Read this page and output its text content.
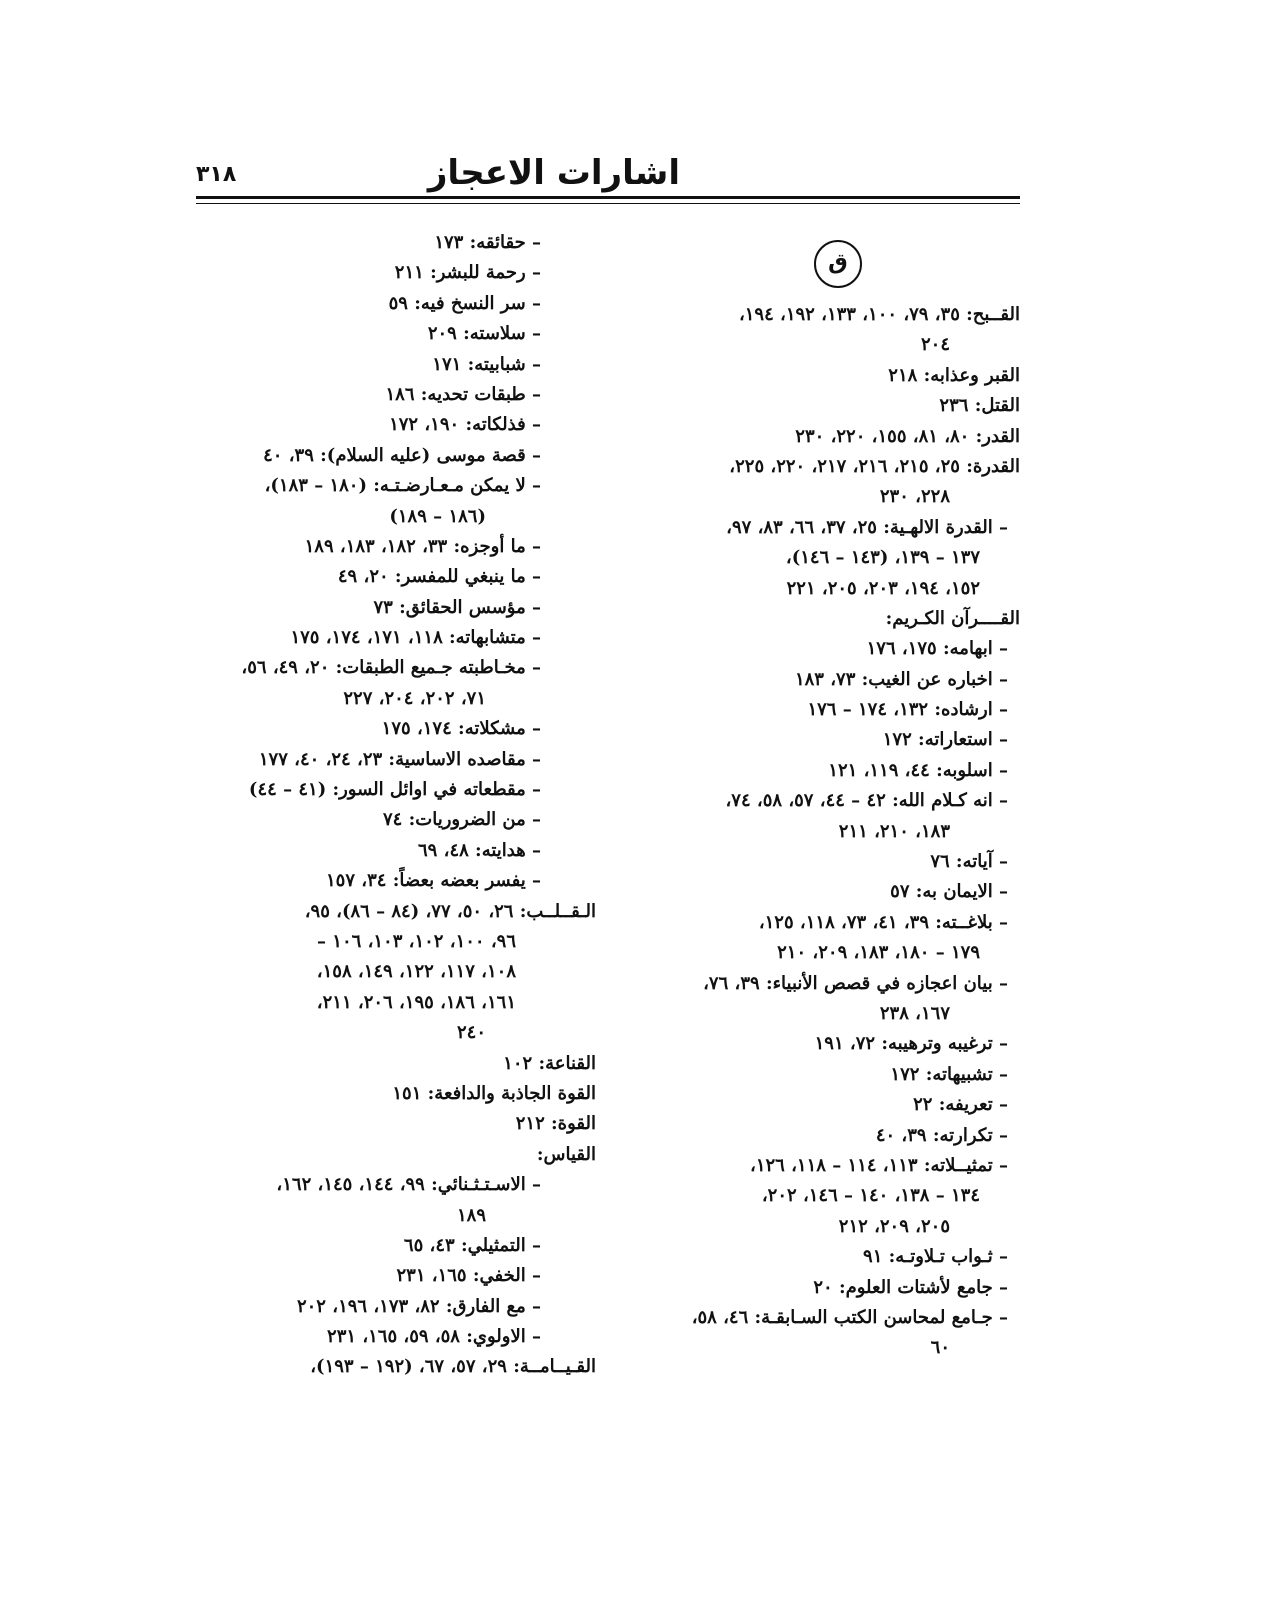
اشارات الاعجاز
٣١٨
ق
القــبح: ٣٥، ٧٩، ١٠٠، ١٣٣، ١٩٢، ١٩٤،
٢٠٤
القبر وعذابه: ٢١٨
القتل: ٢٣٦
القدر: ٨٠، ٨١، ١٥٥، ٢٢٠، ٢٣٠
القدرة: ٢٥، ٢١٥، ٢١٦، ٢١٧، ٢٢٠، ٢٢٥،
٢٢٨، ٢٣٠
– القدرة الالهـية: ٢٥، ٣٧، ٦٦، ٨٣، ٩٧،
١٣٧ – ١٣٩، (١٤٣ – ١٤٦)،
١٥٢، ١٩٤، ٢٠٣، ٢٠٥، ٢٢١
القــــرآن الكـريم:
– ابهامه: ١٧٥، ١٧٦
– اخباره عن الغيب: ٧٣، ١٨٣
– ارشاده: ١٣٢، ١٧٤ – ١٧٦
– استعاراته: ١٧٢
– اسلوبه: ٤٤، ١١٩، ١٢١
– انه كـلام الله: ٤٢ – ٤٤، ٥٧، ٥٨، ٧٤،
١٨٣، ٢١٠، ٢١١
– آياته: ٧٦
– الايمان به: ٥٧
– بلاغــته: ٣٩، ٤١، ٧٣، ١١٨، ١٢٥،
١٧٩ – ١٨٠، ١٨٣، ٢٠٩، ٢١٠
– بيان اعجازه في قصص الأنبياء: ٣٩، ٧٦،
١٦٧، ٢٣٨
– ترغيبه وترهيبه: ٧٢، ١٩١
– تشبيهاته: ١٧٢
– تعريفه: ٢٢
– تكرارته: ٣٩، ٤٠
– تمثيــلاته: ١١٣، ١١٤ – ١١٨، ١٢٦،
١٣٤ – ١٣٨، ١٤٠ – ١٤٦، ٢٠٢،
٢٠٥، ٢٠٩، ٢١٢
– ثـواب تـلاوتـه: ٩١
– جامع لأشتات العلوم: ٢٠
– جـامع لمحاسن الكتب السـابقـة: ٤٦، ٥٨،
٦٠
– حقائقه: ١٧٣
– رحمة للبشر: ٢١١
– سر النسخ فيه: ٥٩
– سلاسته: ٢٠٩
– شبابيته: ١٧١
– طبقات تحديه: ١٨٦
– فذلكاته: ١٩٠، ١٧٢
– قصة موسى (عليه السلام): ٣٩، ٤٠
– لا يمكن مـعـارضـتـه: (١٨٠ – ١٨٣)،
(١٨٦ – ١٨٩)
– ما أوجزه: ٣٣، ١٨٢، ١٨٣، ١٨٩
– ما ينبغي للمفسر: ٢٠، ٤٩
– مؤسس الحقائق: ٧٣
– متشابهاته: ١١٨، ١٧١، ١٧٤، ١٧٥
– مخـاطبته جـميع الطبقات: ٢٠، ٤٩، ٥٦،
٧١، ٢٠٢، ٢٠٤، ٢٢٧
– مشكلاته: ١٧٤، ١٧٥
– مقاصده الاساسية: ٢٣، ٢٤، ٤٠، ١٧٧
– مقطعاته في اوائل السور: (٤١ – ٤٤)
– من الضروريات: ٧٤
– هدايته: ٤٨، ٦٩
– يفسر بعضه بعضاً: ٣٤، ١٥٧
الـقــلــب: ٢٦، ٥٠، ٧٧، (٨٤ – ٨٦)، ٩٥،
٩٦، ١٠٠، ١٠٢، ١٠٣، ١٠٦ –
١٠٨، ١١٧، ١٢٢، ١٤٩، ١٥٨،
١٦١، ١٨٦، ١٩٥، ٢٠٦، ٢١١،
٢٤٠
القناعة: ١٠٢
القوة الجاذبة والدافعة: ١٥١
القوة: ٢١٢
القياس:
– الاسـتـثـنائي: ٩٩، ١٤٤، ١٤٥، ١٦٢،
١٨٩
– التمثيلي: ٤٣، ٦٥
– الخفي: ١٦٥، ٢٣١
– مع الفارق: ٨٢، ١٧٣، ١٩٦، ٢٠٢
– الاولوي: ٥٨، ٥٩، ١٦٥، ٢٣١
القـيــامــة: ٢٩، ٥٧، ٦٧، (١٩٢ – ١٩٣)،
